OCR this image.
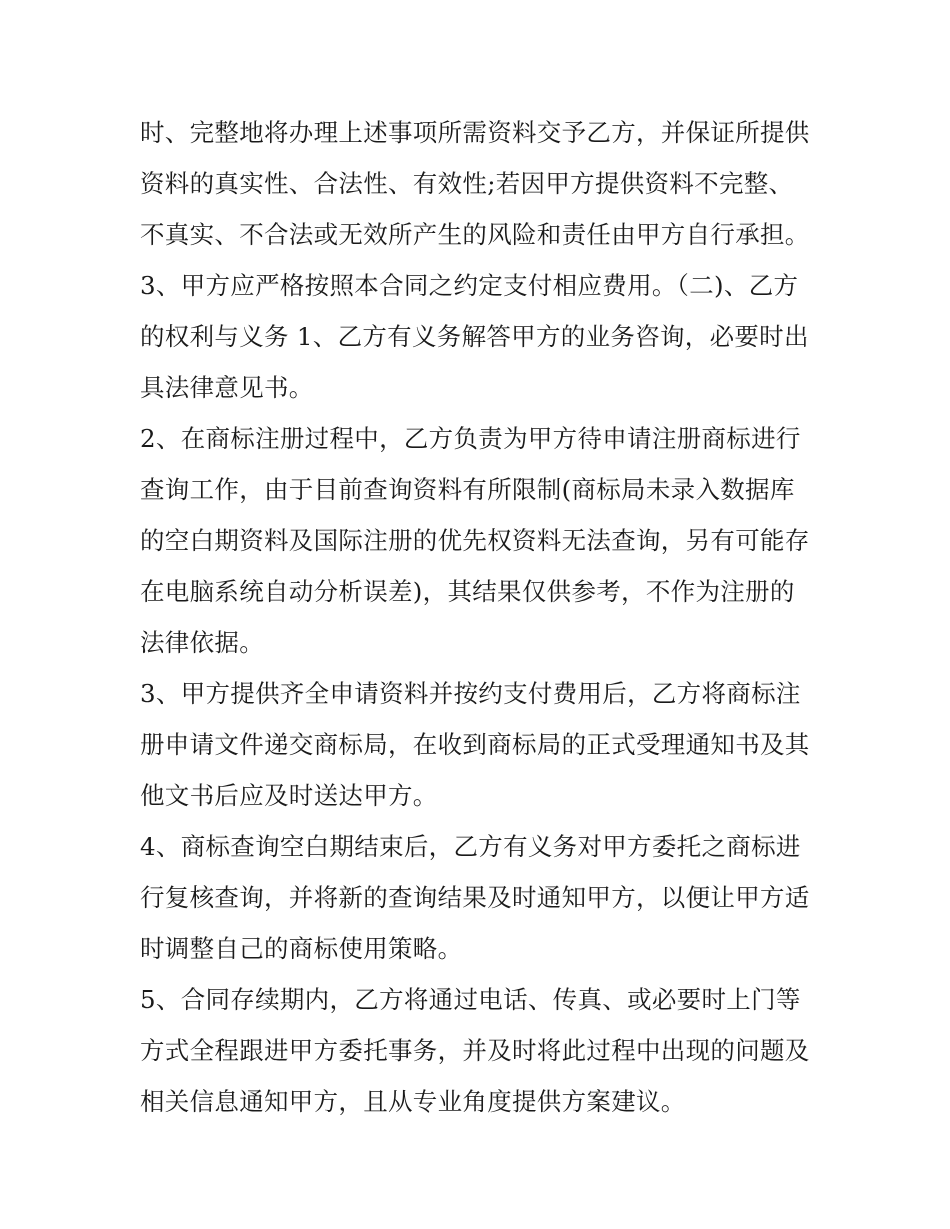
时、完整地将办理上述事项所需资料交予乙方，并保证所提供
资料的真实性、合法性、有效性;若因甲方提供资料不完整、
不真实、不合法或无效所产生的风险和责任由甲方自行承担。
3、甲方应严格按照本合同之约定支付相应费用。（二)、乙方
的权利与义务 1、乙方有义务解答甲方的业务咨询，必要时出
具法律意见书。
2、在商标注册过程中，乙方负责为甲方待申请注册商标进行
查询工作，由于目前查询资料有所限制(商标局未录入数据库
的空白期资料及国际注册的优先权资料无法查询，另有可能存
在电脑系统自动分析误差)，其结果仅供参考，不作为注册的
法律依据。
3、甲方提供齐全申请资料并按约支付费用后，乙方将商标注
册申请文件递交商标局，在收到商标局的正式受理通知书及其
他文书后应及时送达甲方。
4、商标查询空白期结束后，乙方有义务对甲方委托之商标进
行复核查询，并将新的查询结果及时通知甲方，以便让甲方适
时调整自己的商标使用策略。
5、合同存续期内，乙方将通过电话、传真、或必要时上门等
方式全程跟进甲方委托事务，并及时将此过程中出现的问题及
相关信息通知甲方，且从专业角度提供方案建议。
